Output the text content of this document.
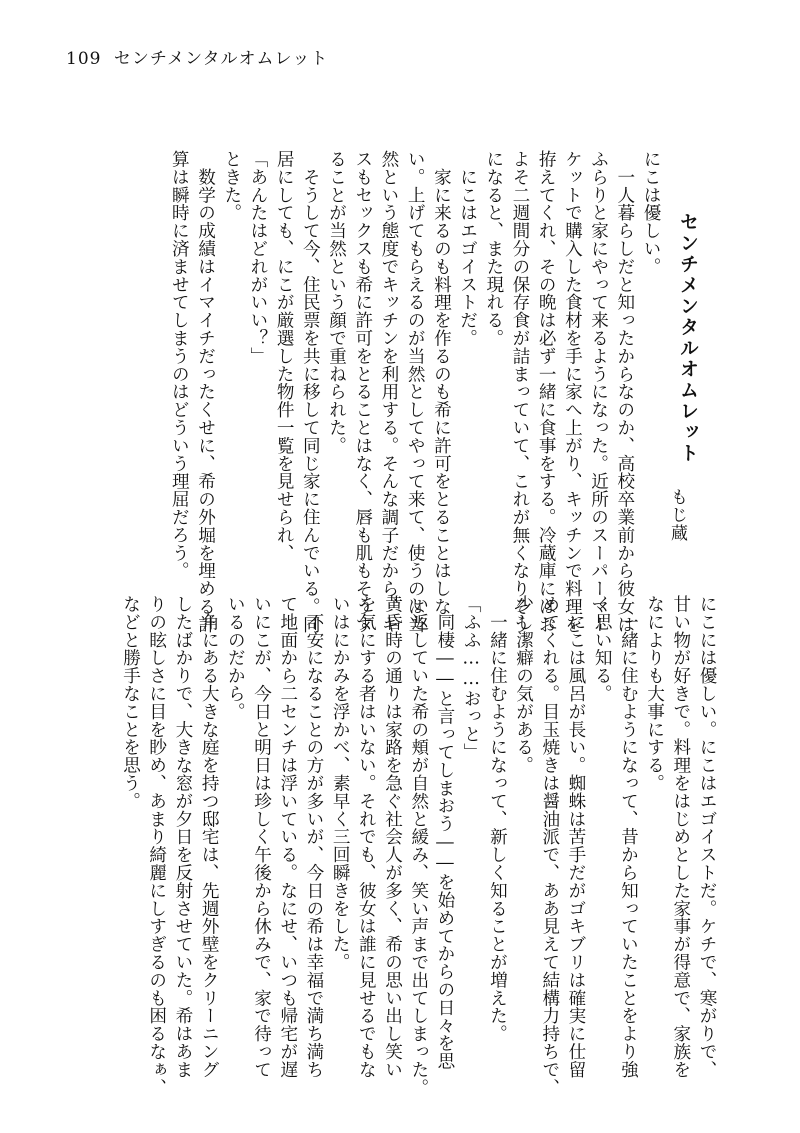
109 センチメンタルオムレット
センチメンタルオムレット
もじ蔵
にこは優しい。
　一人暮らしだと知ったからなのか、高校卒業前から彼女は
ふらりと家にやって来るようになった。近所のスーパーマー
ケットで購入した食材を手に家へ上がり、キッチンで料理を
拵えてくれ、その晩は必ず一緒に食事をする。冷蔵庫にはお
よそ二週間分の保存食が詰まっていて、これが無くなりそう
になると、また現れる。
　にこはエゴイストだ。
　家に来るのも料理を作るのも希に許可をとることはしな
い。上げてもらえるのが当然としてやって来て、使うのは当
然という態度でキッチンを利用する。そんな調子だから、キ
スもセックスも希に許可をとることはなく、唇も肌もそうす
ることが当然という顔で重ねられた。
　そうして今、住民票を共に移して同じ家に住んでいる。同
居にしても、にこが厳選した物件一覧を見せられ、
「あんたはどれがいい？」
ときた。
　数学の成績はイマイチだったくせに、希の外堀を埋める計
算は瞬時に済ませてしまうのはどういう理屈だろう。
にこには優しい。にこはエゴイストだ。ケチで、寒がりで、
甘い物が好きで。料理をはじめとした家事が得意で、家族を
なによりも大事にする。
　一緒に住むようになって、昔から知っていたことをより強
く思い知る。
　にこは風呂が長い。蜘蛛は苦手だがゴキブリは確実に仕留
めてくれる。目玉焼きは醤油派で、ああ見えて結構力持ちで、
少し潔癖の気がある。
　一緒に住むようになって、新しく知ることが増えた。
「ふふ……おっと」
　同棲――と言ってしまおう――を始めてからの日々を思
い返していた希の頬が自然と緩み、笑い声まで出てしまった。
黄昏時の通りは家路を急ぐ社会人が多く、希の思い出し笑い
を気にする者はいない。それでも、彼女は誰に見せるでもな
いはにかみを浮かべ、素早く三回瞬きをした。
　不安になることの方が多いが、今日の希は幸福で満ち満ち
て地面から二センチは浮いている。なにせ、いつも帰宅が遅
いにこが、今日と明日は珍しく午後から休みで、家で待って
いるのだから。
　角にある大きな庭を持つ邸宅は、先週外壁をクリーニング
したばかりで、大きな窓が夕日を反射させていた。希はあま
りの眩しさに目を眇め、あまり綺麗にしすぎるのも困るなぁ、
などと勝手なことを思う。
